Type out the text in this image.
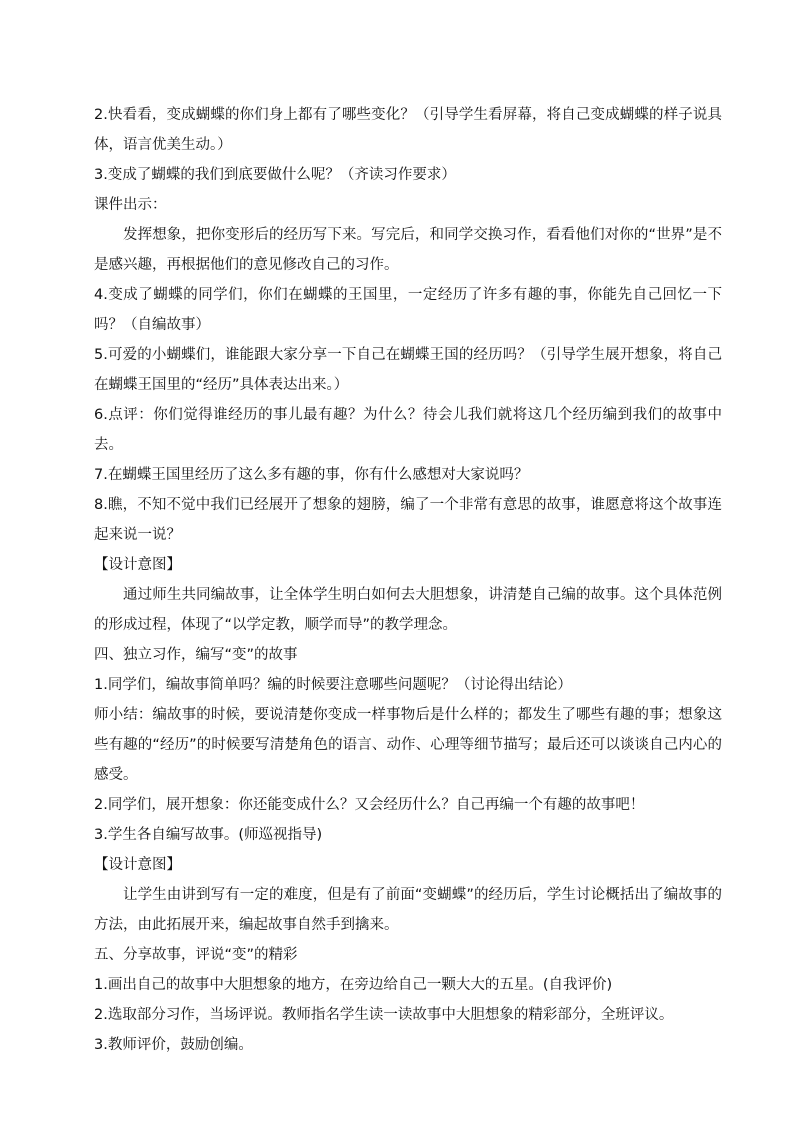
2.快看看，变成蝴蝶的你们身上都有了哪些变化？（引导学生看屏幕，将自己变成蝴蝶的样子说具体，语言优美生动。）

3.变成了蝴蝶的我们到底要做什么呢？（齐读习作要求）

课件出示：

发挥想象，把你变形后的经历写下来。写完后，和同学交换习作，看看他们对你的“世界”是不是感兴趣，再根据他们的意见修改自己的习作。

4.变成了蝴蝶的同学们，你们在蝴蝶的王国里，一定经历了许多有趣的事，你能先自己回忆一下吗？（自编故事）

5.可爱的小蝴蝶们，谁能跟大家分享一下自己在蝴蝶王国的经历吗？（引导学生展开想象，将自己在蝴蝶王国里的“经历”具体表达出来。）

6.点评：你们觉得谁经历的事儿最有趣？为什么？待会儿我们就将这几个经历编到我们的故事中去。

7.在蝴蝶王国里经历了这么多有趣的事，你有什么感想对大家说吗？

8.瞧，不知不觉中我们已经展开了想象的翅膀，编了一个非常有意思的故事，谁愿意将这个故事连起来说一说？

【设计意图】

通过师生共同编故事，让全体学生明白如何去大胆想象，讲清楚自己编的故事。这个具体范例的形成过程，体现了“以学定教，顺学而导”的教学理念。

四、独立习作，编写“变”的故事

1.同学们，编故事简单吗？编的时候要注意哪些问题呢？（讨论得出结论）

师小结：编故事的时候，要说清楚你变成一样事物后是什么样的；都发生了哪些有趣的事；想象这些有趣的“经历”的时候要写清楚角色的语言、动作、心理等细节描写；最后还可以谈谈自己内心的感受。

2.同学们，展开想象：你还能变成什么？又会经历什么？自己再编一个有趣的故事吧！

3.学生各自编写故事。(师巡视指导)

【设计意图】

让学生由讲到写有一定的难度，但是有了前面“变蝴蝶”的经历后，学生讨论概括出了编故事的方法，由此拓展开来，编起故事自然手到擒来。

五、分享故事，评说“变”的精彩

1.画出自己的故事中大胆想象的地方，在旁边给自己一颗大大的五星。(自我评价)

2.选取部分习作，当场评说。教师指名学生读一读故事中大胆想象的精彩部分，全班评议。

3.教师评价，鼓励创编。
